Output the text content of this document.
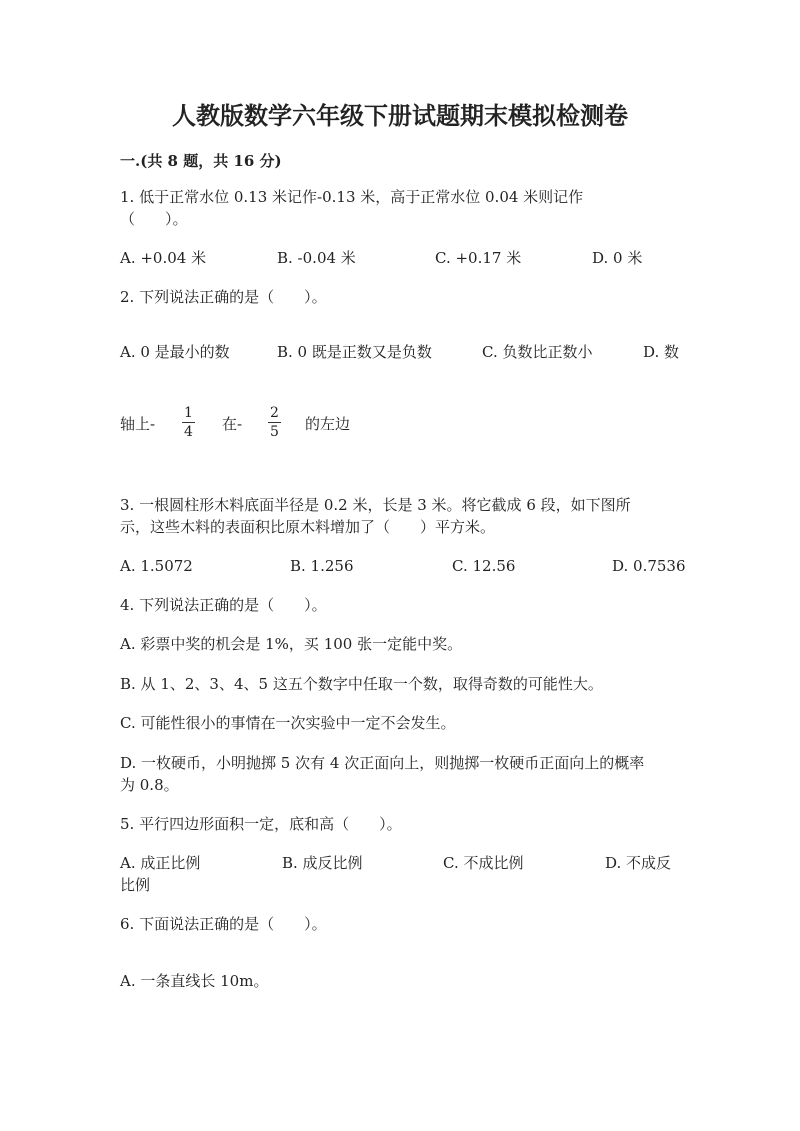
人教版数学六年级下册试题期末模拟检测卷
一.(共 8 题，共 16 分)
1. 低于正常水位 0.13 米记作-0.13 米，高于正常水位 0.04 米则记作
（　　）。
A. +0.04 米	B. -0.04 米	C. +0.17 米	D. 0 米
2. 下列说法正确的是（　　）。
A. 0 是最小的数	B. 0 既是正数又是负数	C. 负数比正数小	D. 数
轴上- $\frac{1}{4}$ 在- $\frac{2}{5}$ 的左边
3. 一根圆柱形木料底面半径是 0.2 米，长是 3 米。将它截成 6 段，如下图所
示，这些木料的表面积比原木料增加了（　　）平方米。
A. 1.5072	B. 1.256	C. 12.56	D. 0.7536
4. 下列说法正确的是（　　）。
A. 彩票中奖的机会是 1%，买 100 张一定能中奖。
B. 从 1、2、3、4、5 这五个数字中任取一个数，取得奇数的可能性大。
C. 可能性很小的事情在一次实验中一定不会发生。
D. 一枚硬币，小明抛掷 5 次有 4 次正面向上，则抛掷一枚硬币正面向上的概率
为 0.8。
5. 平行四边形面积一定，底和高（　　）。
A. 成正比例	B. 成反比例	C. 不成比例	D. 不成反
比例
6. 下面说法正确的是（　　）。
A. 一条直线长 10m。
